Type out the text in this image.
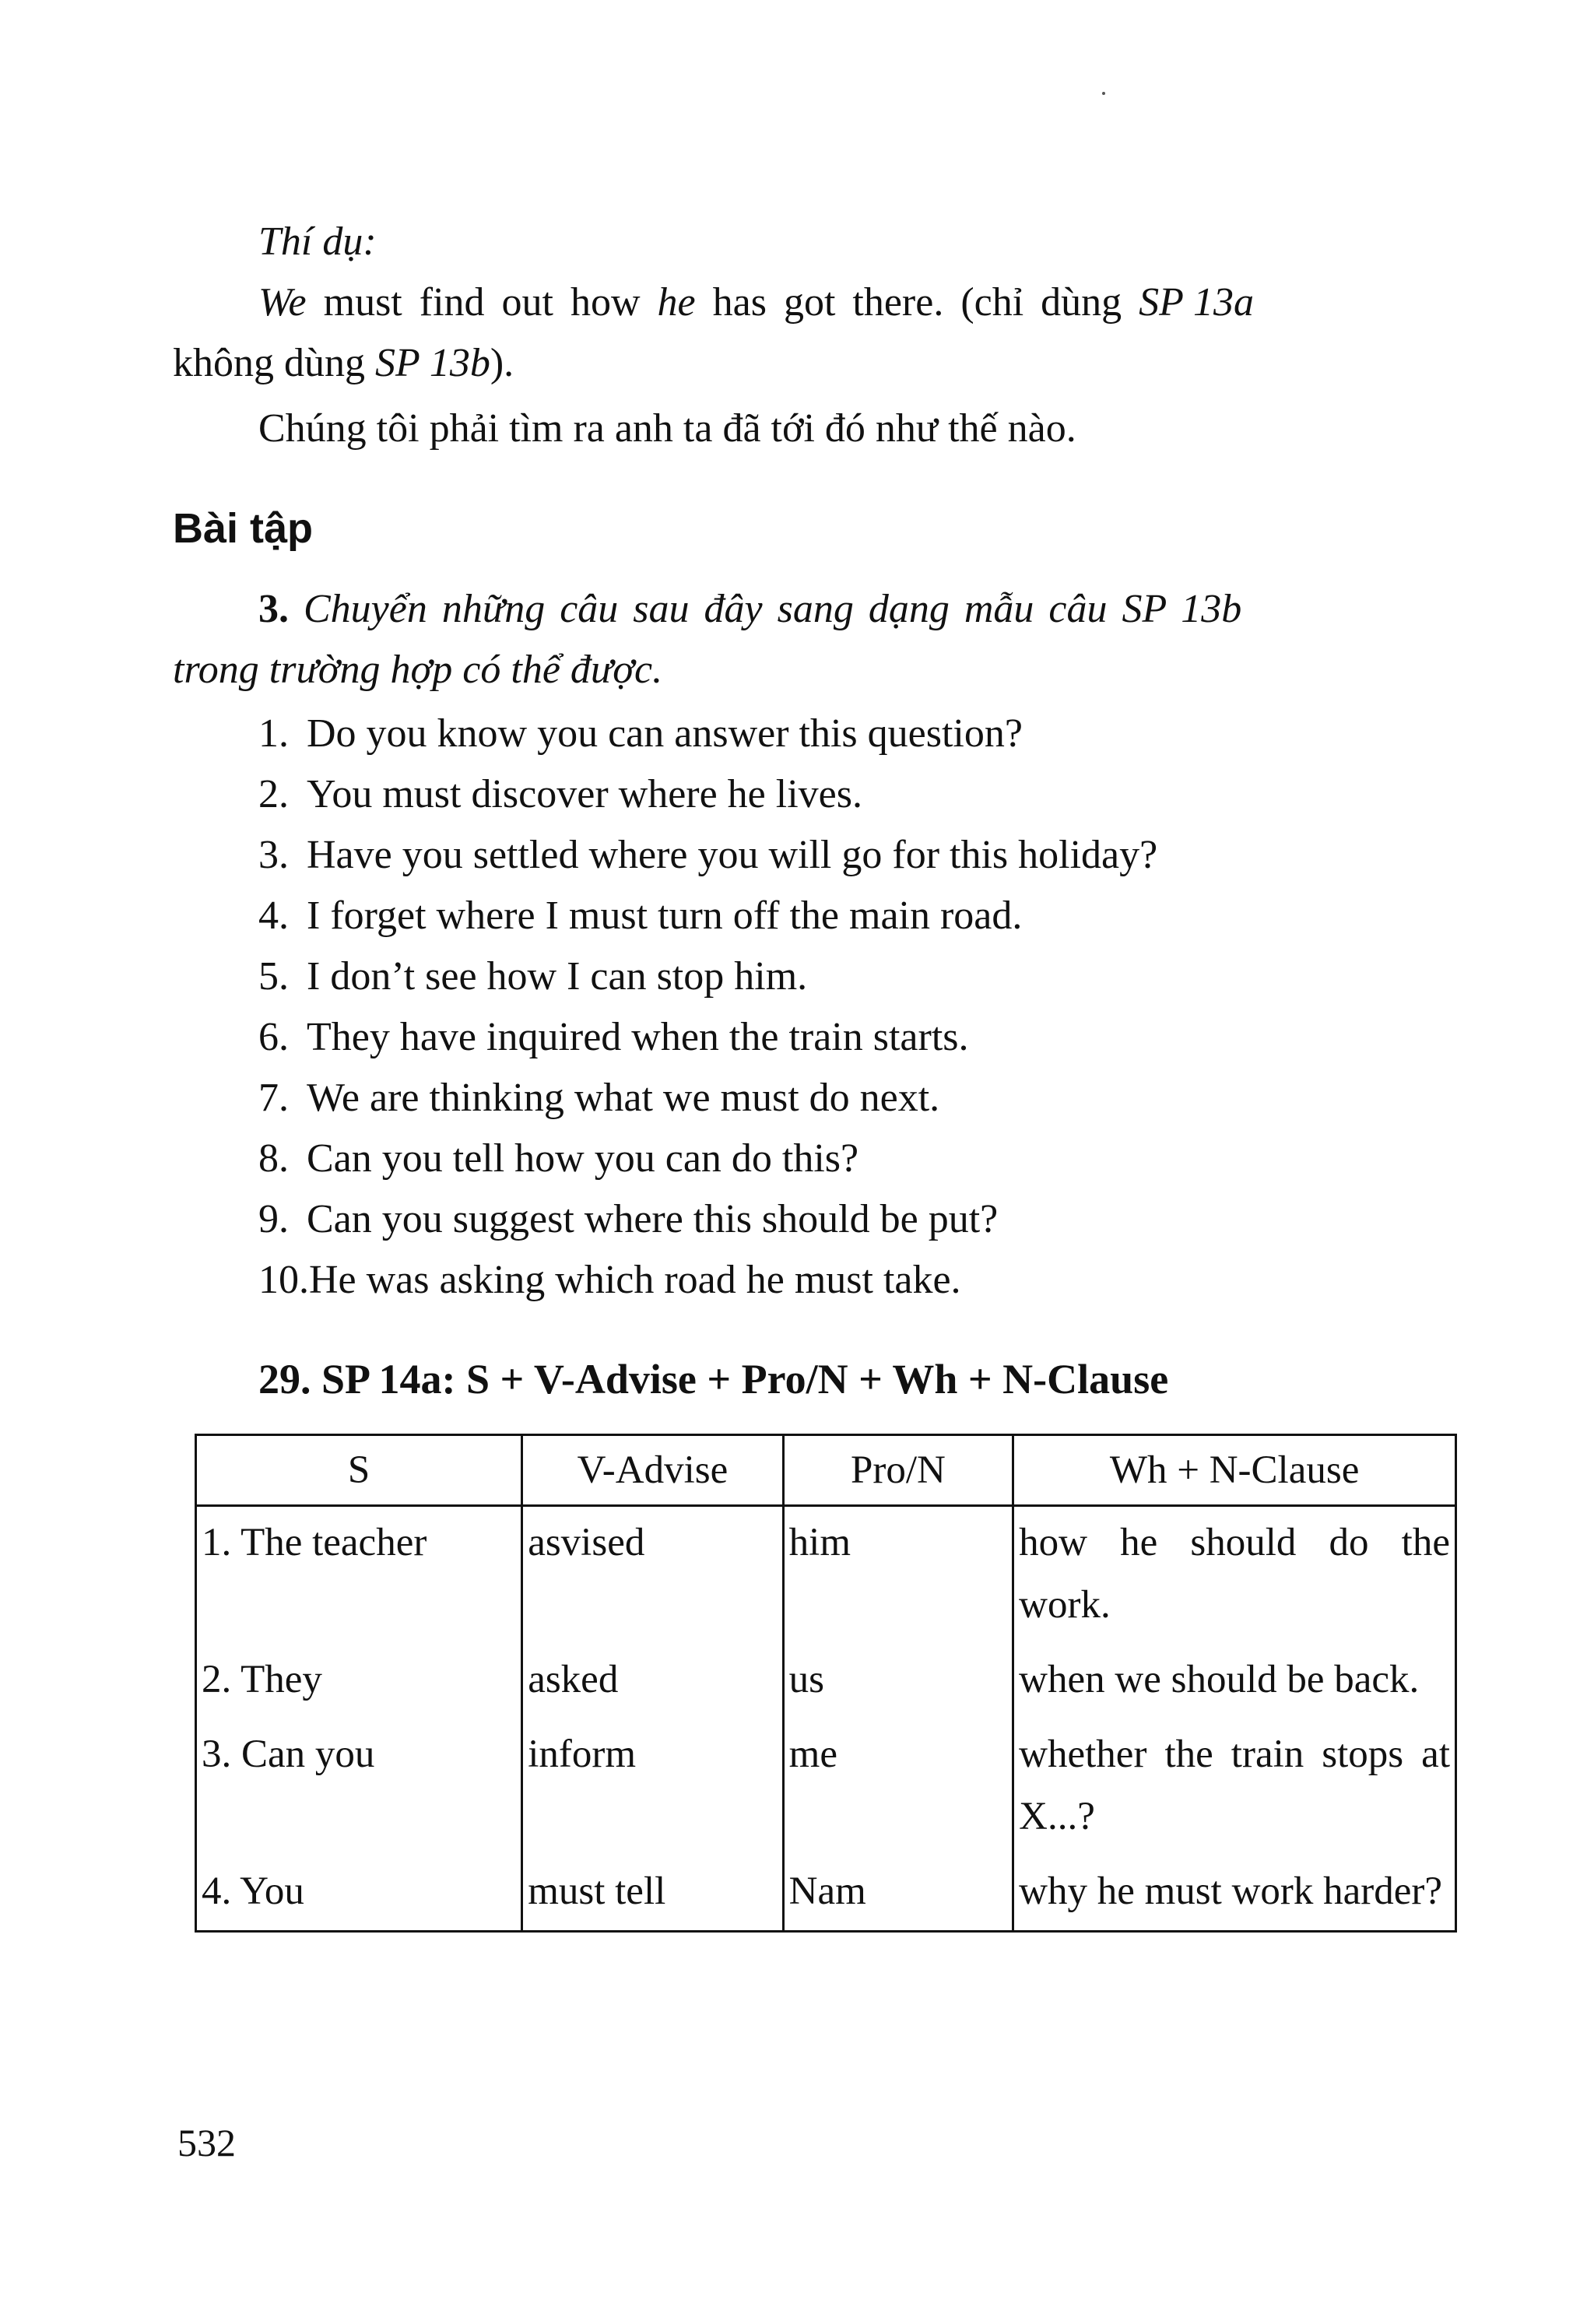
Thí dụ:
We must find out how he has got there. (chỉ dùng SP 13a
không dùng SP 13b).
Chúng tôi phải tìm ra anh ta đã tới đó như thế nào.
Bài tập
3. Chuyển những câu sau đây sang dạng mẫu câu SP 13b
trong trường hợp có thể được.
1. Do you know you can answer this question?
2. You must discover where he lives.
3. Have you settled where you will go for this holiday?
4. I forget where I must turn off the main road.
5. I don’t see how I can stop him.
6. They have inquired when the train starts.
7. We are thinking what we must do next.
8. Can you tell how you can do this?
9. Can you suggest where this should be put?
10.He was asking which road he must take.
29. SP 14a: S + V-Advise + Pro/N + Wh + N-Clause
S	V-Advise	Pro/N	Wh + N-Clause
1. The teacher	asvised	him	how he should do the work.
2. They	asked	us	when we should be back.
3. Can you	inform	me	whether the train stops at X...?
4. You	must tell	Nam	why he must work harder?
532
